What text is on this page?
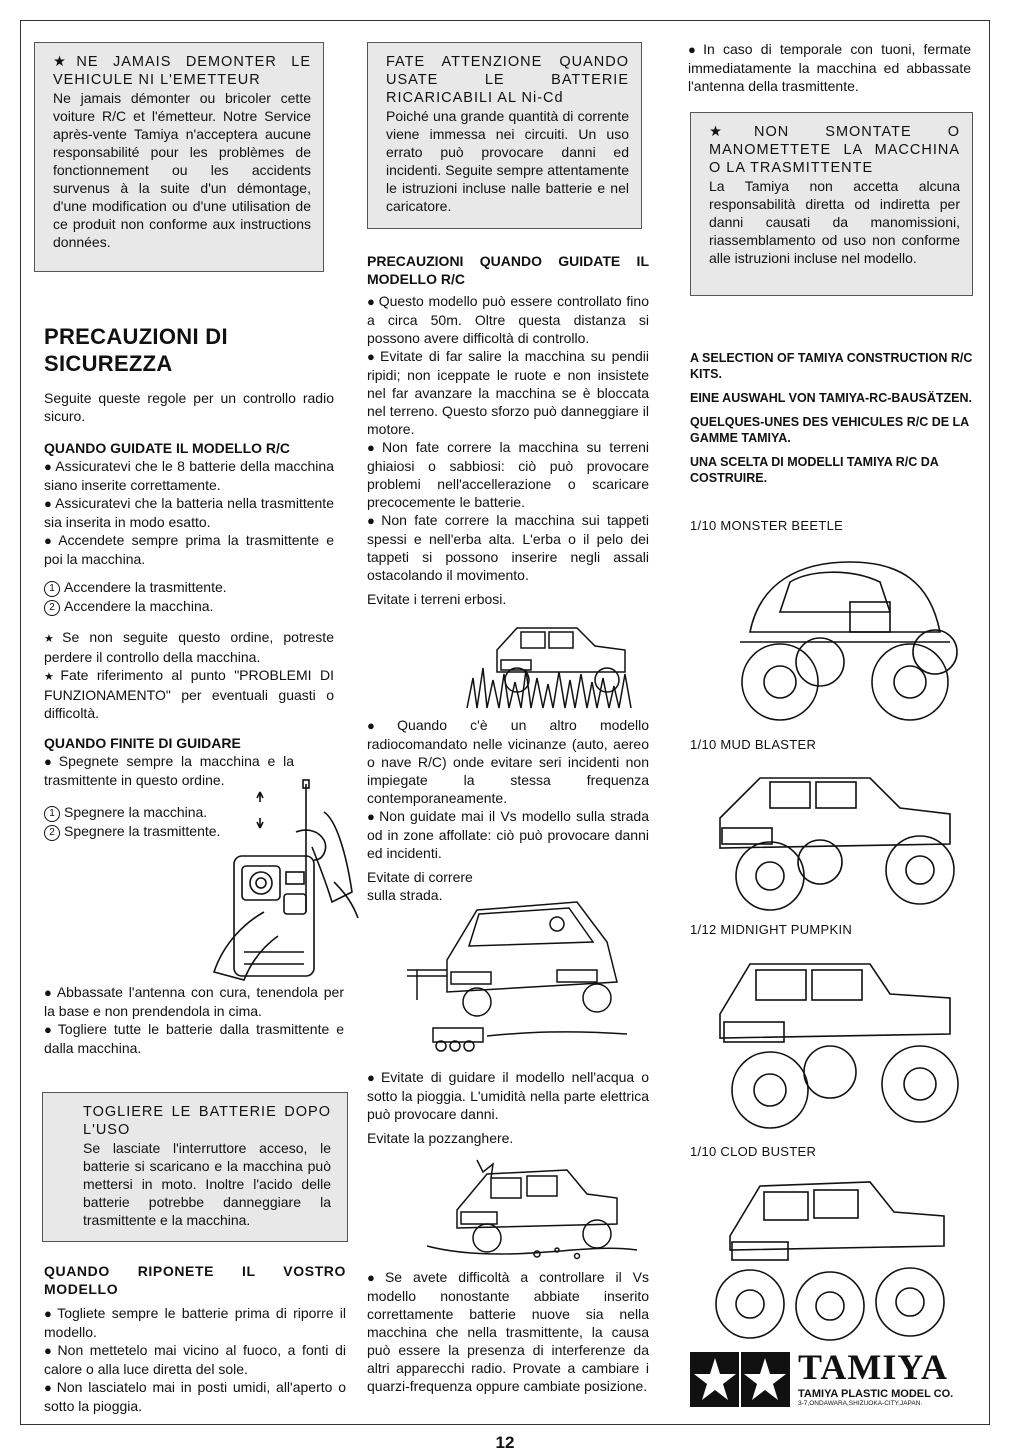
★NE JAMAIS DEMONTER LE VEHICULE NI L'EMETTEUR
Ne jamais démonter ou bricoler cette voiture R/C et l'émetteur. Notre Service après-vente Tamiya n'acceptera aucune responsabilité pour les problèmes de fonctionnement ou les accidents survenus à la suite d'un démontage, d'une modification ou d'une utilisation de ce produit non conforme aux instructions données.
PRECAUZIONI DI
SICUREZZA
Seguite queste regole per un controllo radio sicuro.
QUANDO GUIDATE IL MODELLO R/C
● Assicuratevi che le 8 batterie della macchina siano inserite correttamente.
● Assicuratevi che la batteria nella trasmittente sia inserita in modo esatto.
● Accendete sempre prima la trasmittente e poi la macchina.
1 Accendere la trasmittente.
2 Accendere la macchina.
★ Se non seguite questo ordine, potreste perdere il controllo della macchina.
★ Fate riferimento al punto "PROBLEMI DI FUNZIONAMENTO" per eventuali guasti o difficoltà.
QUANDO FINITE DI GUIDARE
● Spegnete sempre la macchina e la trasmittente in questo ordine.
1 Spegnere la macchina.
2 Spegnere la trasmittente.
● Abbassate l'antenna con cura, tenendola per la base e non prendendola in cima.
● Togliere tutte le batterie dalla trasmittente e dalla macchina.
TOGLIERE LE BATTERIE DOPO L'USO
Se lasciate l'interruttore acceso, le batterie si scaricano e la macchina può mettersi in moto. Inoltre l'acido delle batterie potrebbe danneggiare la trasmittente e la macchina.
QUANDO RIPONETE IL VOSTRO MODELLO
● Togliete sempre le batterie prima di riporre il modello.
● Non mettetelo mai vicino al fuoco, a fonti di calore o alla luce diretta del sole.
● Non lasciatelo mai in posti umidi, all'aperto o sotto la pioggia.
FATE ATTENZIONE QUANDO USATE LE BATTERIE RICARICABILI AL Ni-Cd
Poiché una grande quantità di corrente viene immessa nei circuiti. Un uso errato può provocare danni ed incidenti. Seguite sempre attentamente le istruzioni incluse nalle batterie e nel caricatore.
PRECAUZIONI QUANDO GUIDATE IL MODELLO R/C
● Questo modello può essere controllato fino a circa 50m. Oltre questa distanza si possono avere difficoltà di controllo.
● Evitate di far salire la macchina su pendii ripidi; non iceppate le ruote e non insistete nel far avanzare la macchina se è bloccata nel terreno. Questo sforzo può danneggiare il motore.
● Non fate correre la macchina su terreni ghiaiosi o sabbiosi: ciò può provocare problemi nell'accellerazione o scaricare precocemente le batterie.
● Non fate correre la macchina sui tappeti spessi e nell'erba alta. L'erba o il pelo dei tappeti si possono inserire negli assali ostacolando il movimento.
Evitate i terreni erbosi.
● Quando c'è un altro modello radiocomandato nelle vicinanze (auto, aereo o nave R/C) onde evitare seri incidenti non impiegate la stessa frequenza contemporaneamente.
● Non guidate mai il Vs modello sulla strada od in zone affollate: ciò può provocare danni ed incidenti.
Evitate di correre
sulla strada.
● Evitate di guidare il modello nell'acqua o sotto la pioggia. L'umidità nella parte elettrica può provocare danni.
Evitate la pozzanghere.
● Se avete difficoltà a controllare il Vs modello nonostante abbiate inserito correttamente batterie nuove sia nella macchina che nella trasmittente, la causa può essere la presenza di interferenze da altri apparecchi radio. Provate a cambiare i quarzi-frequenza oppure cambiate posizione.
● In caso di temporale con tuoni, fermate immediatamente la macchina ed abbassate l'antenna della trasmittente.
★NON SMONTATE O MANOMETTETE LA MACCHINA O LA TRASMITTENTE
La Tamiya non accetta alcuna responsabilità diretta od indiretta per danni causati da manomissioni, riassemblamento od uso non conforme alle istruzioni incluse nel modello.
A SELECTION OF TAMIYA CONSTRUCTION R/C KITS.
EINE AUSWAHL VON TAMIYA-RC-BAUSÄTZEN.
QUELQUES-UNES DES VEHICULES R/C DE LA GAMME TAMIYA.
UNA SCELTA DI MODELLI TAMIYA R/C DA COSTRUIRE.
1/10 MONSTER BEETLE
1/10 MUD BLASTER
1/12 MIDNIGHT PUMPKIN
1/10 CLOD BUSTER
TAMIYA
TAMIYA PLASTIC MODEL CO.
3-7,ONDAWARA,SHIZUOKA-CITY,JAPAN.
12
